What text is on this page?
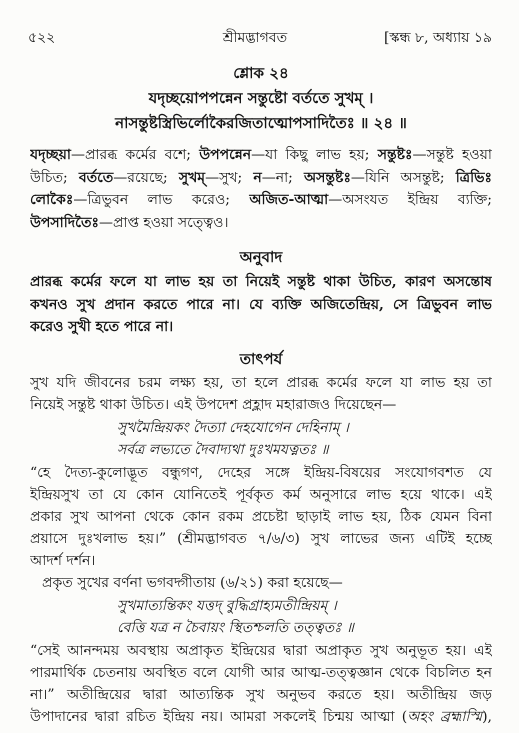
৫২২	শ্রীমদ্ভাগবত	[স্কন্ধ ৮, অধ্যায় ১৯
শ্লোক ২৪
যদৃচ্ছয়োপপন্নেন সন্তুষ্টো বর্ততে সুখম্ ।
নাসন্তুষ্টস্ত্রিভির্লোকৈরজিতাত্মোপসাদিতৈঃ ॥ ২৪ ॥
যদৃচ্ছয়া—প্রারব্ধ কর্মের বশে; উপপন্নেন—যা কিছু লাভ হয়; সন্তুষ্টঃ—সন্তুষ্ট হওয়া
উচিত; বর্ততে—রয়েছে; সুখম্—সুখ; ন—না; অসন্তুষ্টঃ—যিনি অসন্তুষ্ট; ত্রিভিঃ
লোকৈঃ—ত্রিভুবন লাভ করেও; অজিত-আত্মা—অসংযত ইন্দ্রিয় ব্যক্তি;
উপসাদিতৈঃ—প্রাপ্ত হওয়া সত্ত্বেও।
অনুবাদ
প্রারব্ধ কর্মের ফলে যা লাভ হয় তা নিয়েই সন্তুষ্ট থাকা উচিত, কারণ অসন্তোষ
কখনও সুখ প্রদান করতে পারে না। যে ব্যক্তি অজিতেন্দ্রিয়, সে ত্রিভুবন লাভ
করেও সুখী হতে পারে না।
তাৎপর্য
সুখ যদি জীবনের চরম লক্ষ্য হয়, তা হলে প্রারব্ধ কর্মের ফলে যা লাভ হয় তা
নিয়েই সন্তুষ্ট থাকা উচিত। এই উপদেশ প্রহ্লাদ মহারাজও দিয়েছেন—
সুখমৈন্দ্রিয়কং দৈত্যা দেহযোগেন দেহিনাম্ ।
সর্বত্র লভ্যতে দৈবাদ্যথা দুঃখমযত্নতঃ ॥
“হে দৈত্য-কুলোদ্ভূত বন্ধুগণ, দেহের সঙ্গে ইন্দ্রিয়-বিষয়ের সংযোগবশত যে
ইন্দ্রিয়সুখ তা যে কোন যোনিতেই পূর্বকৃত কর্ম অনুসারে লাভ হয়ে থাকে। এই
প্রকার সুখ আপনা থেকে কোন রকম প্রচেষ্টা ছাড়াই লাভ হয়, ঠিক যেমন বিনা
প্রয়াসে দুঃখলাভ হয়।” (শ্রীমদ্ভাগবত ৭/৬/৩) সুখ লাভের জন্য এটিই হচ্ছে
আদর্শ দর্শন।
প্রকৃত সুখের বর্ণনা ভগবদ্গীতায় (৬/২১) করা হয়েছে—
সুখমাত্যন্তিকং যত্তদ্ বুদ্ধিগ্রাহ্যমতীন্দ্রিয়ম্ ।
বেত্তি যত্র ন চৈবায়ং স্থিতশ্চলতি তত্ত্বতঃ ॥
“সেই আনন্দময় অবস্থায় অপ্রাকৃত ইন্দ্রিয়ের দ্বারা অপ্রাকৃত সুখ অনুভূত হয়। এই
পারমার্থিক চেতনায় অবস্থিত বলে যোগী আর আত্ম-তত্ত্বজ্ঞান থেকে বিচলিত হন
না।” অতীন্দ্রিয়ের দ্বারা আত্যন্তিক সুখ অনুভব করতে হয়। অতীন্দ্রিয় জড়
উপাদানের দ্বারা রচিত ইন্দ্রিয় নয়। আমরা সকলেই চিন্ময় আত্মা (অহং ব্রহ্মাস্মি),
